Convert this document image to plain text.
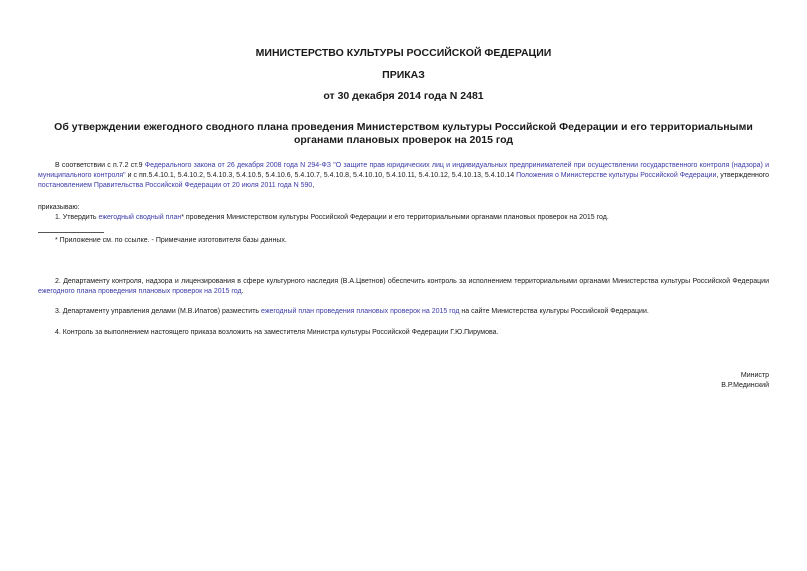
МИНИСТЕРСТВО КУЛЬТУРЫ РОССИЙСКОЙ ФЕДЕРАЦИИ
ПРИКАЗ
от 30 декабря 2014 года N 2481
Об утверждении ежегодного сводного плана проведения Министерством культуры Российской Федерации и его территориальными органами плановых проверок на 2015 год
В соответствии с п.7.2 ст.9 Федерального закона от 26 декабря 2008 года N 294-ФЗ "О защите прав юридических лиц и индивидуальных предпринимателей при осуществлении государственного контроля (надзора) и муниципального контроля" и с пп.5.4.10.1, 5.4.10.2, 5.4.10.3, 5.4.10.5, 5.4.10.6, 5.4.10.7, 5.4.10.8, 5.4.10.10, 5.4.10.11, 5.4.10.12, 5.4.10.13, 5.4.10.14 Положения о Министерстве культуры Российской Федерации, утвержденного постановлением Правительства Российской Федерации от 20 июля 2011 года N 590,
приказываю:
1. Утвердить ежегодный сводный план* проведения Министерством культуры Российской Федерации и его территориальными органами плановых проверок на 2015 год.
* Приложение см. по ссылке. - Примечание изготовителя базы данных.
2. Департаменту контроля, надзора и лицензирования в сфере культурного наследия (В.А.Цветнов) обеспечить контроль за исполнением территориальными органами Министерства культуры Российской Федерации ежегодного плана проведения плановых проверок на 2015 год.
3. Департаменту управления делами (М.В.Ипатов) разместить ежегодный план проведения плановых проверок на 2015 год на сайте Министерства культуры Российской Федерации.
4. Контроль за выполнением настоящего приказа возложить на заместителя Министра культуры Российской Федерации Г.Ю.Пирумова.
Министр
В.Р.Мединский
